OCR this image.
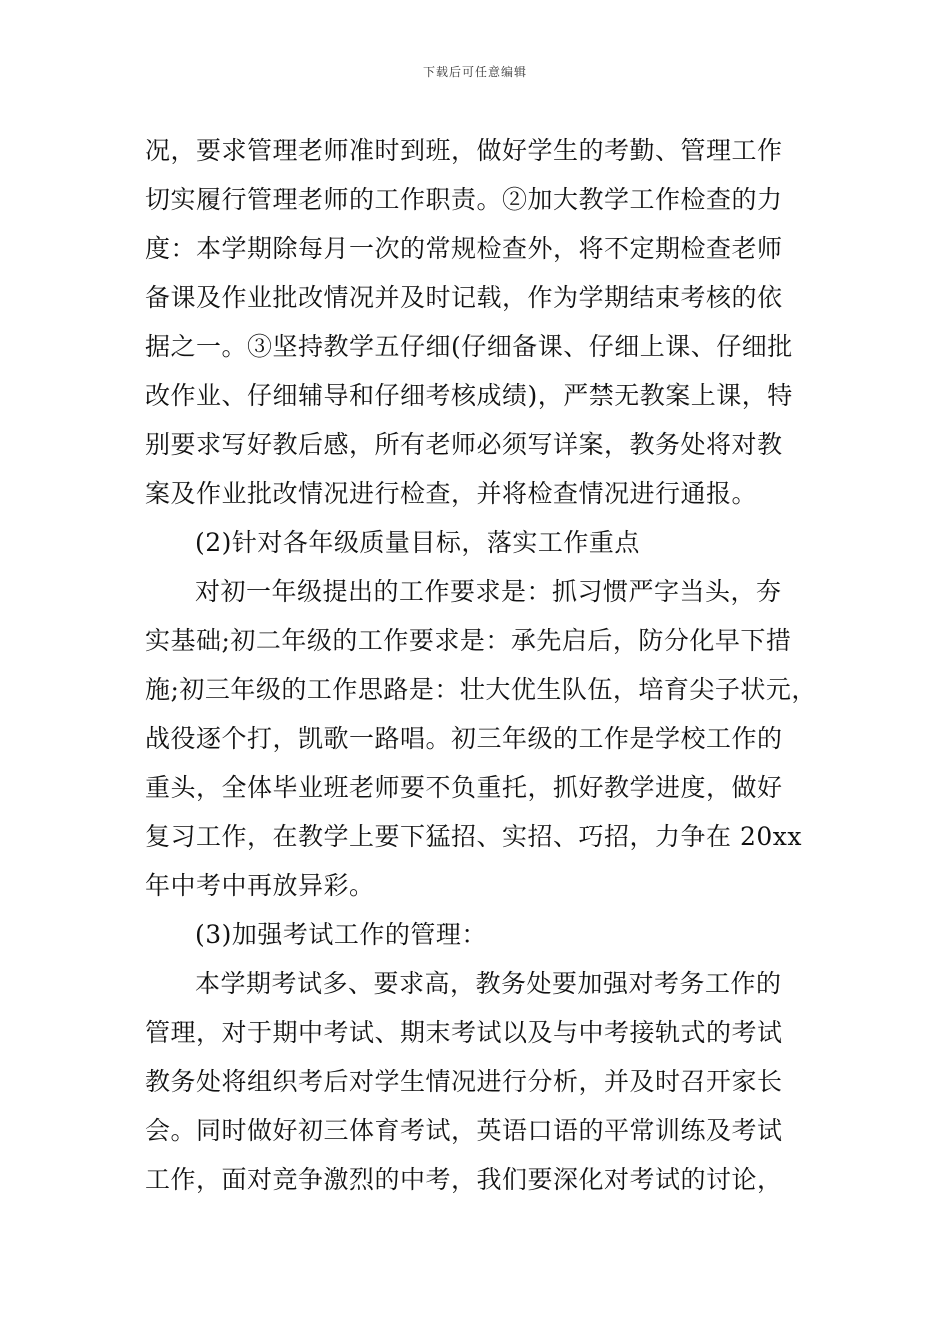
下载后可任意编辑
况，要求管理老师准时到班，做好学生的考勤、管理工作
切实履行管理老师的工作职责。②加大教学工作检查的力
度：本学期除每月一次的常规检查外，将不定期检查老师
备课及作业批改情况并及时记载，作为学期结束考核的依
据之一。③坚持教学五仔细(仔细备课、仔细上课、仔细批
改作业、仔细辅导和仔细考核成绩)，严禁无教案上课，特
别要求写好教后感，所有老师必须写详案，教务处将对教
案及作业批改情况进行检查，并将检查情况进行通报。
(2)针对各年级质量目标，落实工作重点
对初一年级提出的工作要求是：抓习惯严字当头，夯
实基础;初二年级的工作要求是：承先启后，防分化早下措
施;初三年级的工作思路是：壮大优生队伍，培育尖子状元，
战役逐个打，凯歌一路唱。初三年级的工作是学校工作的
重头，全体毕业班老师要不负重托，抓好教学进度，做好
复习工作，在教学上要下猛招、实招、巧招，力争在 20xx
年中考中再放异彩。
(3)加强考试工作的管理：
本学期考试多、要求高，教务处要加强对考务工作的
管理，对于期中考试、期末考试以及与中考接轨式的考试
教务处将组织考后对学生情况进行分析，并及时召开家长
会。同时做好初三体育考试，英语口语的平常训练及考试
工作，面对竞争激烈的中考，我们要深化对考试的讨论，
